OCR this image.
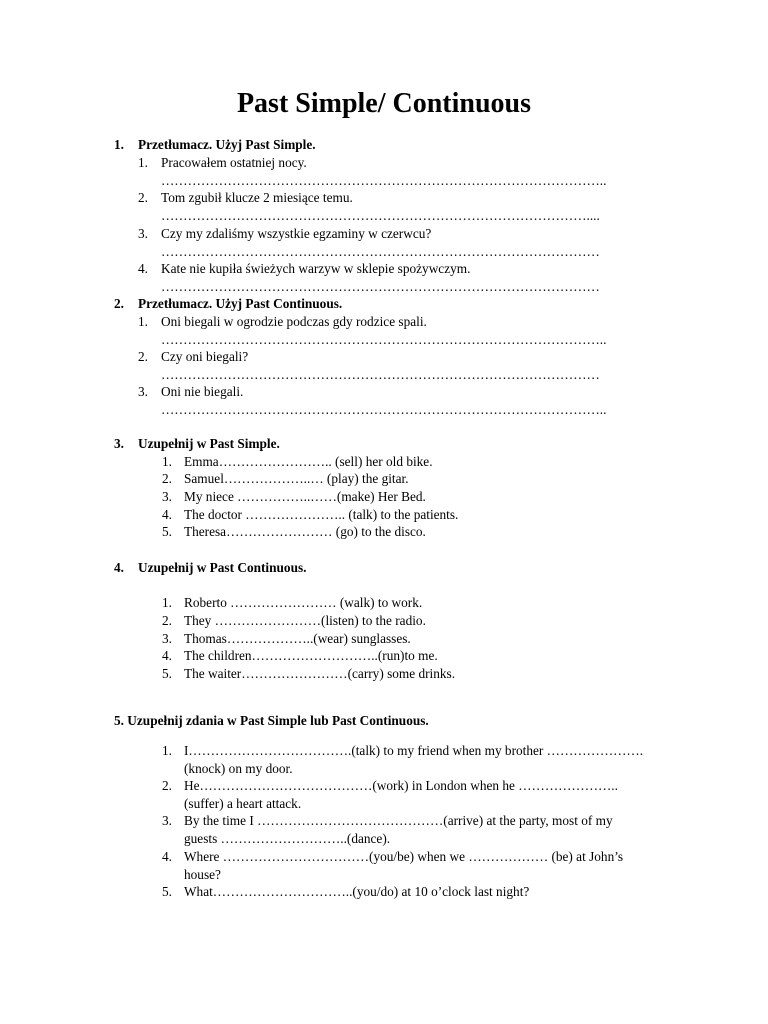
Past Simple/ Continuous
1. Przetłumacz. Użyj Past Simple.
1. Pracowałem ostatniej nocy.
………………………………………………………………………………………..
2. Tom zgubił klucze 2 miesiące temu.
……………………………………………………………………………………....
3. Czy my zdaliśmy wszystkie egzaminy w czerwcu?
………………………………………………………………………………………
4. Kate nie kupiła świeżych warzyw w sklepie spożywczym.
………………………………………………………………………………………
2. Przetłumacz. Użyj Past Continuous.
1. Oni biegali w ogrodzie podczas gdy rodzice spali.
………………………………………………………………………………………..
2. Czy oni biegali?
………………………………………………………………………………………
3. Oni nie biegali.
………………………………………………………………………………………..
3. Uzupełnij w Past Simple.
1. Emma…………………….. (sell) her old bike.
2. Samuel………………..… (play) the gitar.
3. My niece ……………..……(make) Her Bed.
4. The doctor ………………….. (talk) to the patients.
5. Theresa…………………… (go) to the disco.
4. Uzupełnij w Past Continuous.
1. Roberto …………………… (walk) to work.
2. They ……………………(listen) to the radio.
3. Thomas………………..(wear) sunglasses.
4. The children………………………..(run)to me.
5. The waiter……………………(carry) some drinks.
5. Uzupełnij zdania w Past Simple lub Past Continuous.
1. I……………………………….(talk) to my friend when my brother ………………….
(knock) on my door.
2. He…………………………………(work) in London when he …………………..
(suffer) a heart attack.
3. By the time I ……………………………………(arrive) at the party, most of my
guests ………………………..(dance).
4. Where ……………………………(you/be) when we ……………… (be) at John’s
house?
5. What…………………………..(you/do) at 10 o’clock last night?
